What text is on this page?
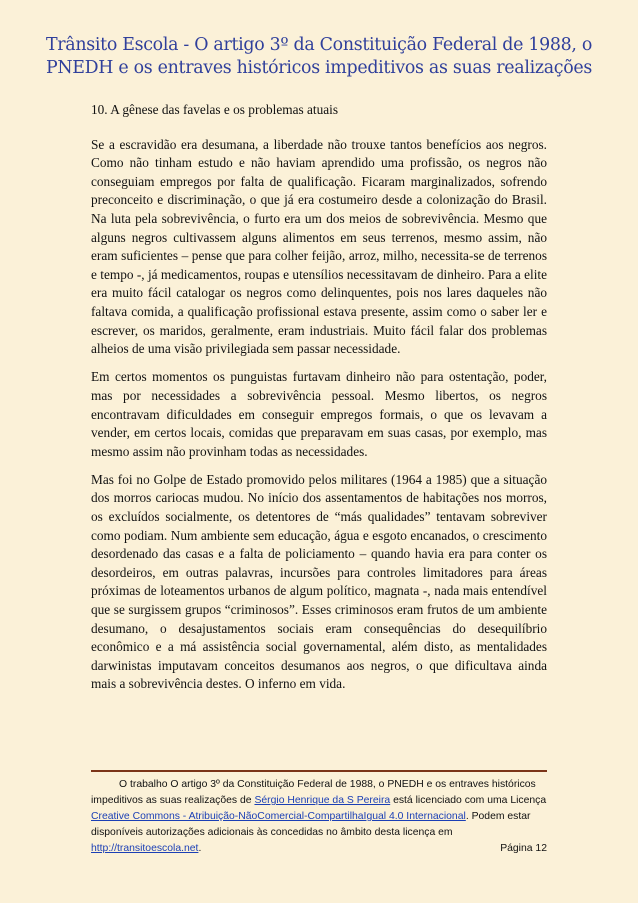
Trânsito Escola - O artigo 3º da Constituição Federal de 1988, o
PNEDH e os entraves históricos impeditivos as suas realizações

10. A gênese das favelas e os problemas atuais

Se a escravidão era desumana, a liberdade não trouxe tantos benefícios aos negros. Como não tinham estudo e não haviam aprendido uma profissão, os negros não conseguiam empregos por falta de qualificação. Ficaram marginalizados, sofrendo preconceito e discriminação, o que já era costumeiro desde a colonização do Brasil. Na luta pela sobrevivência, o furto era um dos meios de sobrevivência. Mesmo que alguns negros cultivassem alguns alimentos em seus terrenos, mesmo assim, não eram suficientes – pense que para colher feijão, arroz, milho, necessita-se de terrenos e tempo -, já medicamentos, roupas e utensílios necessitavam de dinheiro. Para a elite era muito fácil catalogar os negros como delinquentes, pois nos lares daqueles não faltava comida, a qualificação profissional estava presente, assim como o saber ler e escrever, os maridos, geralmente, eram industriais. Muito fácil falar dos problemas alheios de uma visão privilegiada sem passar necessidade.

Em certos momentos os punguistas furtavam dinheiro não para ostentação, poder, mas por necessidades a sobrevivência pessoal. Mesmo libertos, os negros encontravam dificuldades em conseguir empregos formais, o que os levavam a vender, em certos locais, comidas que preparavam em suas casas, por exemplo, mas mesmo assim não provinham todas as necessidades.

Mas foi no Golpe de Estado promovido pelos militares (1964 a 1985) que a situação dos morros cariocas mudou. No início dos assentamentos de habitações nos morros, os excluídos socialmente, os detentores de “más qualidades” tentavam sobreviver como podiam. Num ambiente sem educação, água e esgoto encanados, o crescimento desordenado das casas e a falta de policiamento – quando havia era para conter os desordeiros, em outras palavras, incursões para controles limitadores para áreas próximas de loteamentos urbanos de algum político, magnata -, nada mais entendível que se surgissem grupos “criminosos”. Esses criminosos eram frutos de um ambiente desumano, o desajustamentos sociais eram consequências do desequilíbrio econômico e a má assistência social governamental, além disto, as mentalidades darwinistas imputavam conceitos desumanos aos negros, o que dificultava ainda mais a sobrevivência destes. O inferno em vida.

O trabalho O artigo 3º da Constituição Federal de 1988, o PNEDH e os entraves históricos impeditivos as suas realizações de Sérgio Henrique da S Pereira está licenciado com uma Licença Creative Commons - Atribuição-NãoComercial-CompartilhaIgual 4.0 Internacional. Podem estar disponíveis autorizações adicionais às concedidas no âmbito desta licença em http://transitoescola.net.	Página 12
